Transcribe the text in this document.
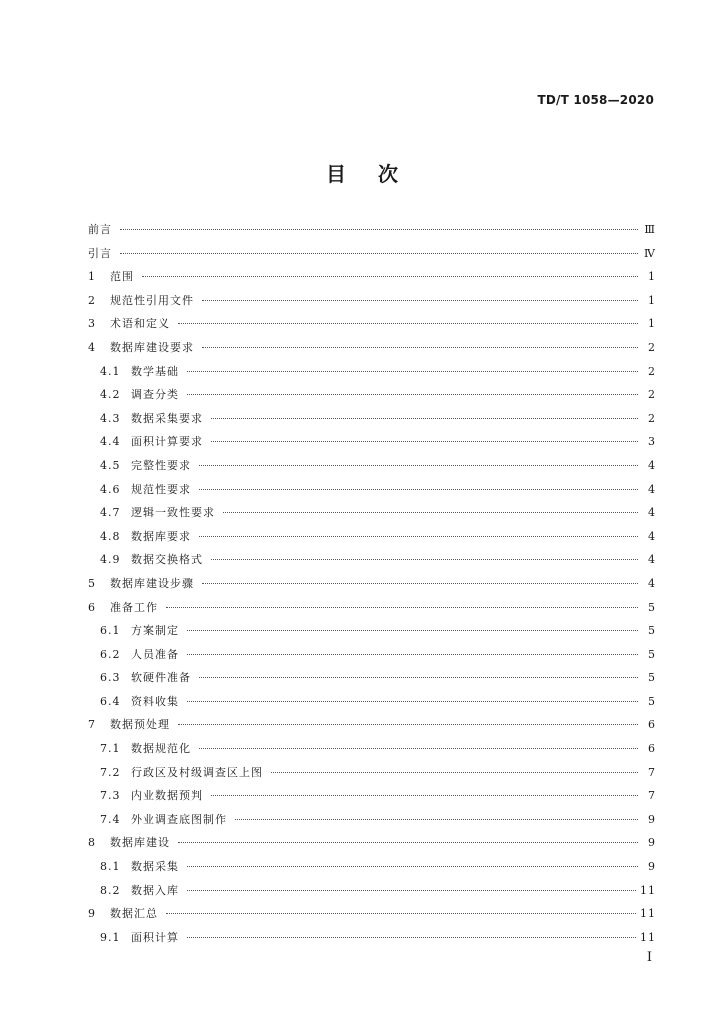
TD/T 1058—2020
目 次
前言	Ⅲ
引言	Ⅳ
1	范围	1
2	规范性引用文件	1
3	术语和定义	1
4	数据库建设要求	2
4.1 数学基础	2
4.2 调查分类	2
4.3 数据采集要求	2
4.4 面积计算要求	3
4.5 完整性要求	4
4.6 规范性要求	4
4.7 逻辑一致性要求	4
4.8 数据库要求	4
4.9 数据交换格式	4
5	数据库建设步骤	4
6	准备工作	5
6.1 方案制定	5
6.2 人员准备	5
6.3 软硬件准备	5
6.4 资料收集	5
7	数据预处理	6
7.1 数据规范化	6
7.2 行政区及村级调查区上图	7
7.3 内业数据预判	7
7.4 外业调查底图制作	9
8	数据库建设	9
8.1 数据采集	9
8.2 数据入库	11
9	数据汇总	11
9.1 面积计算	11
I
